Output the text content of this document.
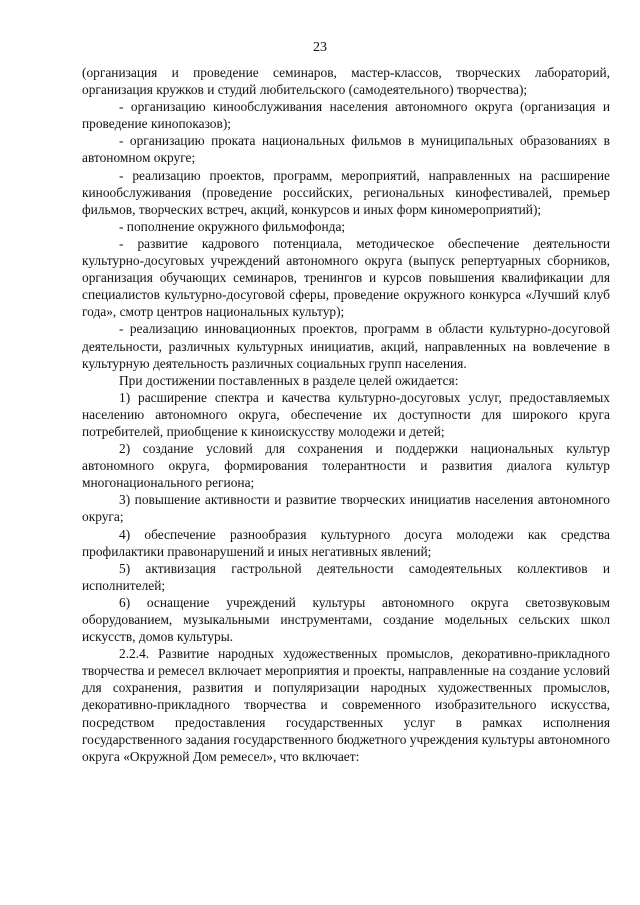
23

(организация и проведение семинаров, мастер-классов, творческих лабораторий, организация кружков и студий любительского (самодеятельного) творчества);

- организацию кинообслуживания населения автономного округа (организация и проведение кинопоказов);

- организацию проката национальных фильмов в муниципальных образованиях в автономном округе;

- реализацию проектов, программ, мероприятий, направленных на расширение кинообслуживания (проведение российских, региональных кинофестивалей, премьер фильмов, творческих встреч, акций, конкурсов и иных форм киномероприятий);

- пополнение окружного фильмофонда;

- развитие кадрового потенциала, методическое обеспечение деятельности культурно-досуговых учреждений автономного округа (выпуск репертуарных сборников, организация обучающих семинаров, тренингов и курсов повышения квалификации для специалистов культурно-досуговой сферы, проведение окружного конкурса «Лучший клуб года», смотр центров национальных культур);

- реализацию инновационных проектов, программ в области культурно-досуговой деятельности, различных культурных инициатив, акций, направленных на вовлечение в культурную деятельность различных социальных групп населения.

При достижении поставленных в разделе целей ожидается:

1) расширение спектра и качества культурно-досуговых услуг, предоставляемых населению автономного округа, обеспечение их доступности для широкого круга потребителей, приобщение к киноискусству молодежи и детей;

2) создание условий для сохранения и поддержки национальных культур автономного округа, формирования толерантности и развития диалога культур многонационального региона;

3) повышение активности и развитие творческих инициатив населения автономного округа;

4) обеспечение разнообразия культурного досуга молодежи как средства профилактики правонарушений и иных негативных явлений;

5) активизация гастрольной деятельности самодеятельных коллективов и исполнителей;

6) оснащение учреждений культуры автономного округа светозвуковым оборудованием, музыкальными инструментами, создание модельных сельских школ искусств, домов культуры.

2.2.4. Развитие народных художественных промыслов, декоративно-прикладного творчества и ремесел включает мероприятия и проекты, направленные на создание условий для сохранения, развития и популяризации народных художественных промыслов, декоративно-прикладного творчества и современного изобразительного искусства, посредством предоставления государственных услуг в рамках исполнения государственного задания государственного бюджетного учреждения культуры автономного округа «Окружной Дом ремесел», что включает:
